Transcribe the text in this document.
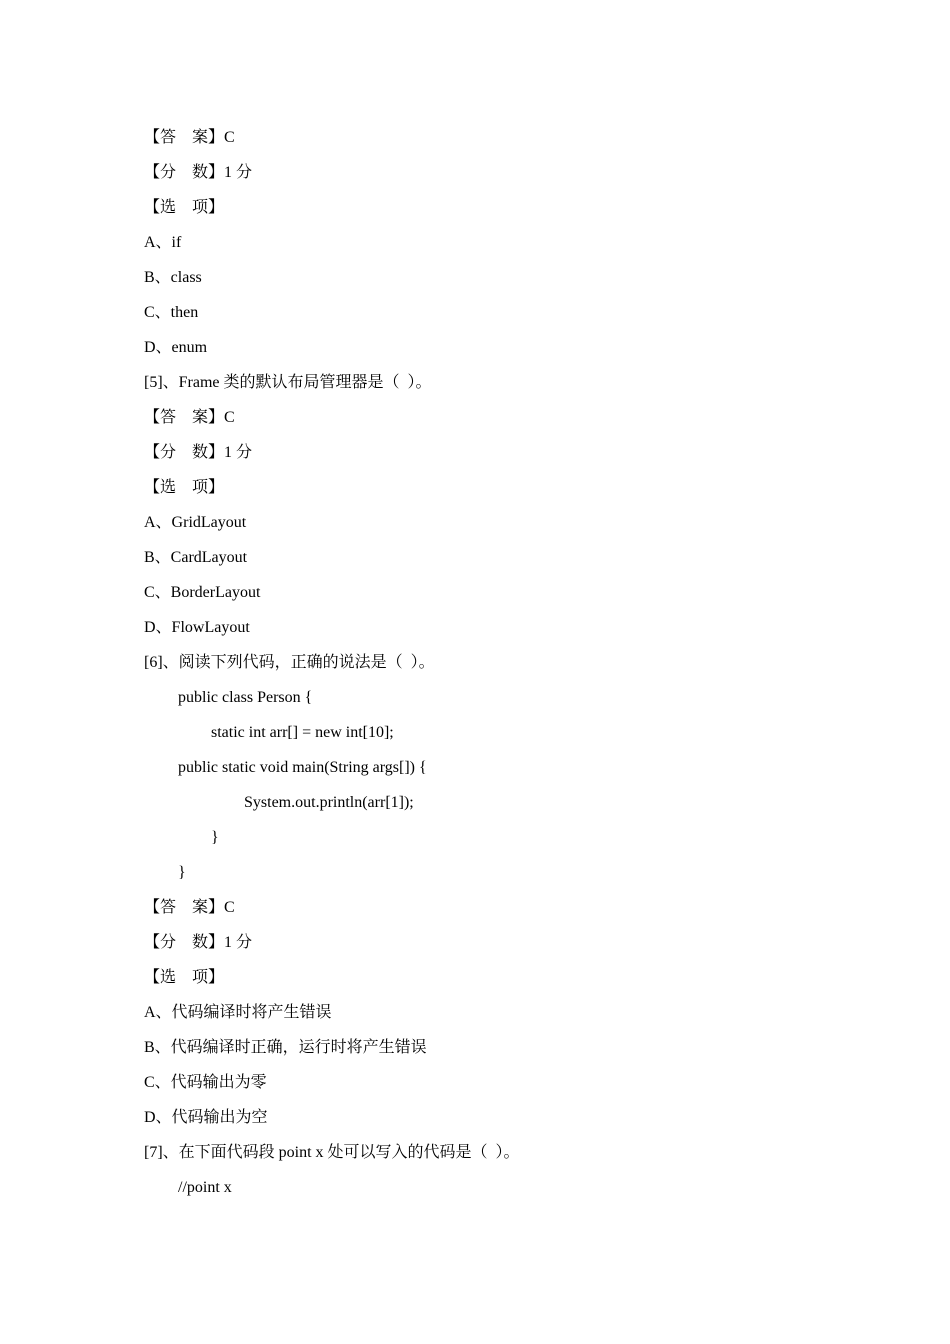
【答　案】C
【分　数】1 分
【选　项】
A、if
B、class
C、then
D、enum
[5]、Frame 类的默认布局管理器是（  ）。
【答　案】C
【分　数】1 分
【选　项】
A、GridLayout
B、CardLayout
C、BorderLayout
D、FlowLayout
[6]、阅读下列代码，正确的说法是（  ）。
public class Person {
static int arr[] = new int[10];
public static void main(String args[]) {
System.out.println(arr[1]);
}
}
【答　案】C
【分　数】1 分
【选　项】
A、代码编译时将产生错误
B、代码编译时正确，运行时将产生错误
C、代码输出为零
D、代码输出为空
[7]、在下面代码段 point x 处可以写入的代码是（  ）。
//point x
